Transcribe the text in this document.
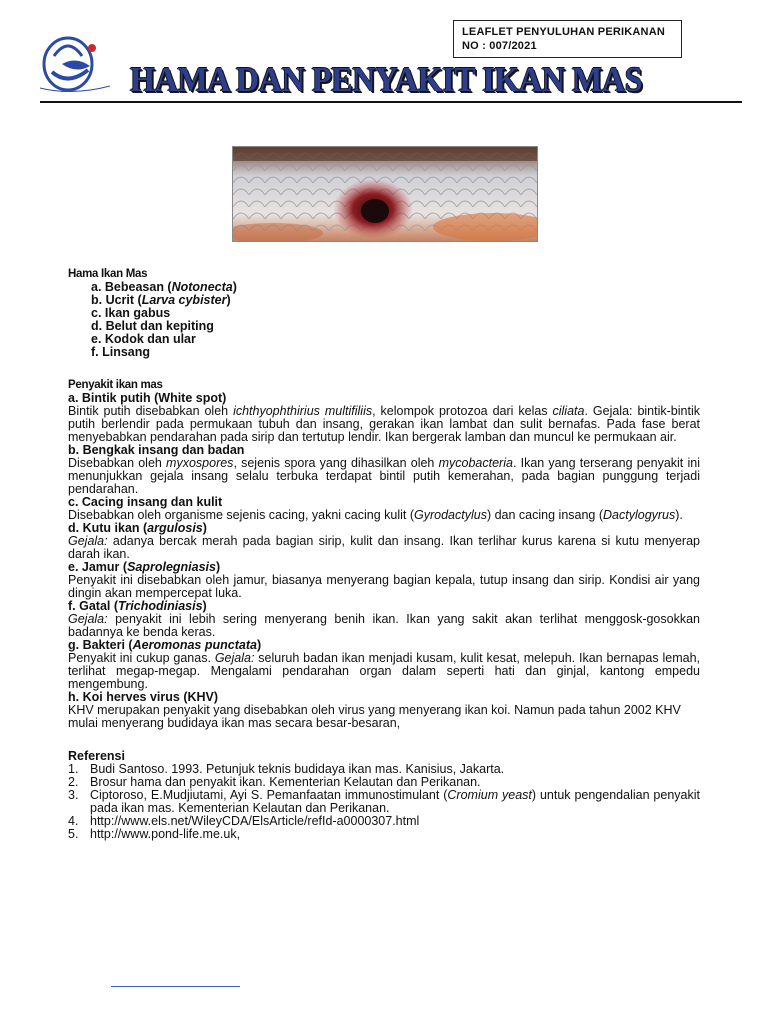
LEAFLET PENYULUHAN PERIKANAN
NO : 007/2021
HAMA DAN PENYAKIT IKAN MAS
Hama Ikan Mas
a. Bebeasan (Notonecta)
b. Ucrit (Larva cybister)
c. Ikan gabus
d. Belut dan kepiting
e. Kodok dan ular
f. Linsang
Penyakit ikan mas
a. Bintik putih (White spot)
Bintik putih disebabkan oleh ichthyophthirius multifiliis, kelompok protozoa dari kelas ciliata. Gejala: bintik-bintik putih berlendir pada permukaan tubuh dan insang, gerakan ikan lambat dan sulit bernafas. Pada fase berat menyebabkan pendarahan pada sirip dan tertutup lendir. Ikan bergerak lamban dan muncul ke permukaan air.
b. Bengkak insang dan badan
Disebabkan oleh myxospores, sejenis spora yang dihasilkan oleh mycobacteria. Ikan yang terserang penyakit ini menunjukkan gejala insang selalu terbuka terdapat bintil putih kemerahan, pada bagian punggung terjadi pendarahan.
c. Cacing insang dan kulit
Disebabkan oleh organisme sejenis cacing, yakni cacing kulit (Gyrodactylus) dan cacing insang (Dactylogyrus).
d. Kutu ikan (argulosis)
Gejala: adanya bercak merah pada bagian sirip, kulit dan insang. Ikan terlihar kurus karena si kutu menyerap darah ikan.
e. Jamur (Saprolegniasis)
Penyakit ini disebabkan oleh jamur, biasanya menyerang bagian kepala, tutup insang dan sirip. Kondisi air yang dingin akan mempercepat luka.
f. Gatal (Trichodiniasis)
Gejala: penyakit ini lebih sering menyerang benih ikan. Ikan yang sakit akan terlihat menggosk-gosokkan badannya ke benda keras.
g. Bakteri (Aeromonas punctata)
Penyakit ini cukup ganas. Gejala: seluruh badan ikan menjadi kusam, kulit kesat, melepuh. Ikan bernapas lemah, terlihat megap-megap. Mengalami pendarahan organ dalam seperti hati dan ginjal, kantong empedu mengembung.
h. Koi herves virus (KHV)
KHV merupakan penyakit yang disebabkan oleh virus yang menyerang ikan koi. Namun pada tahun 2002 KHV mulai menyerang budidaya ikan mas secara besar-besaran,
Referensi
1. Budi Santoso. 1993. Petunjuk teknis budidaya ikan mas. Kanisius, Jakarta.
2. Brosur hama dan penyakit ikan. Kementerian Kelautan dan Perikanan.
3. Ciptoroso, E.Mudjiutami, Ayi S. Pemanfaatan immunostimulant (Cromium yeast) untuk pengendalian penyakit pada ikan mas. Kementerian Kelautan dan Perikanan.
4. http://www.els.net/WileyCDA/ElsArticle/refId-a0000307.html
5. http://www.pond-life.me.uk,
